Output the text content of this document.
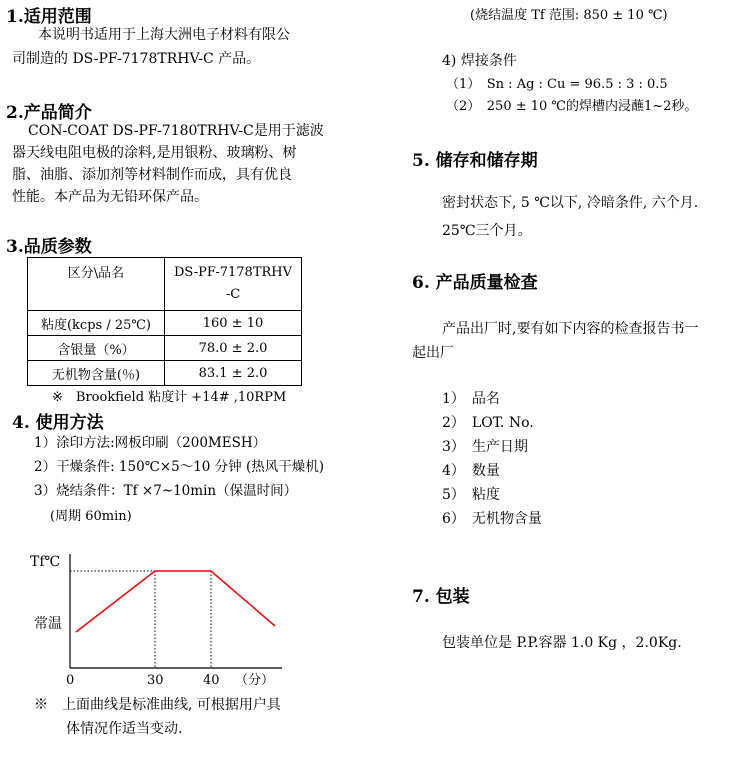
1.适用范围
本说明书适用于上海大洲电子材料有限公
司制造的 DS-PF-7178TRHV-C 产品。
2.产品简介
CON-COAT DS-PF-7180TRHV-C是用于滤波
器天线电阻电极的涂料,是用银粉、玻璃粉、树
脂、油脂、添加剂等材料制作而成，具有优良
性能。本产品为无铅环保产品。
3.品质参数
区分\品名	DS-PF-7178TRHV
-C
粘度(kcps / 25℃)	160 ± 10
含银量（%）	78.0 ± 2.0
无机物含量(％)	83.1 ± 2.0
※　Brookfield 粘度计 +14# ,10RPM
4. 使用方法
1）涂印方法:网板印刷（200MESH）
2）干燥条件: 150℃×5～10 分钟 (热风干燥机)
3）烧结条件：Tf ×7~10min（保温时间）
(周期 60min)
Tf℃
常温
0	30	40 （分）
※　上面曲线是标准曲线, 可根据用户具
体情况作适当变动.
(烧结温度 Tf 范围: 850 ± 10 ℃)
4) 焊接条件
（1）　Sn : Ag : Cu = 96.5 : 3 : 0.5
（2）　250 ± 10 ℃的焊槽内浸蘸1~2秒。
5. 储存和储存期
密封状态下, 5 ℃以下, 冷暗条件, 六个月.
25℃三个月。
6. 产品质量检查
产品出厂时,要有如下内容的检查报告书一
起出厂
1）　品名
2）　LOT. No.
3）　生产日期
4）　数量
5）　粘度
6）　无机物含量
7. 包装
包装单位是 P.P.容器 1.0 Kg ，2.0Kg.
